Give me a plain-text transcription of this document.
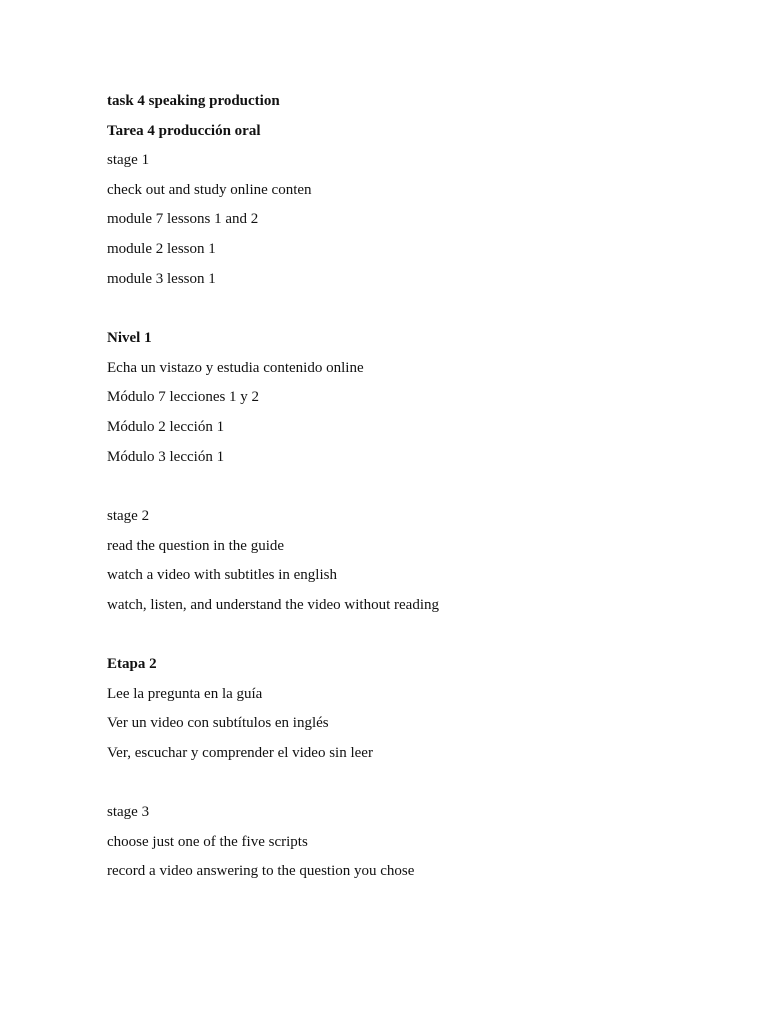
task 4 speaking production
Tarea 4 producción oral
stage 1
check out and study online conten
module 7 lessons 1 and 2
module 2 lesson 1
module 3 lesson 1
Nivel 1
Echa un vistazo y estudia contenido online
Módulo 7 lecciones 1 y 2
Módulo 2 lección 1
Módulo 3 lección 1
stage 2
read the question in the guide
watch a video with subtitles in english
watch, listen, and understand the video without reading
Etapa 2
Lee la pregunta en la guía
Ver un video con subtítulos en inglés
Ver, escuchar y comprender el video sin leer
stage 3
choose just one of the five scripts
record a video answering to the question you chose
